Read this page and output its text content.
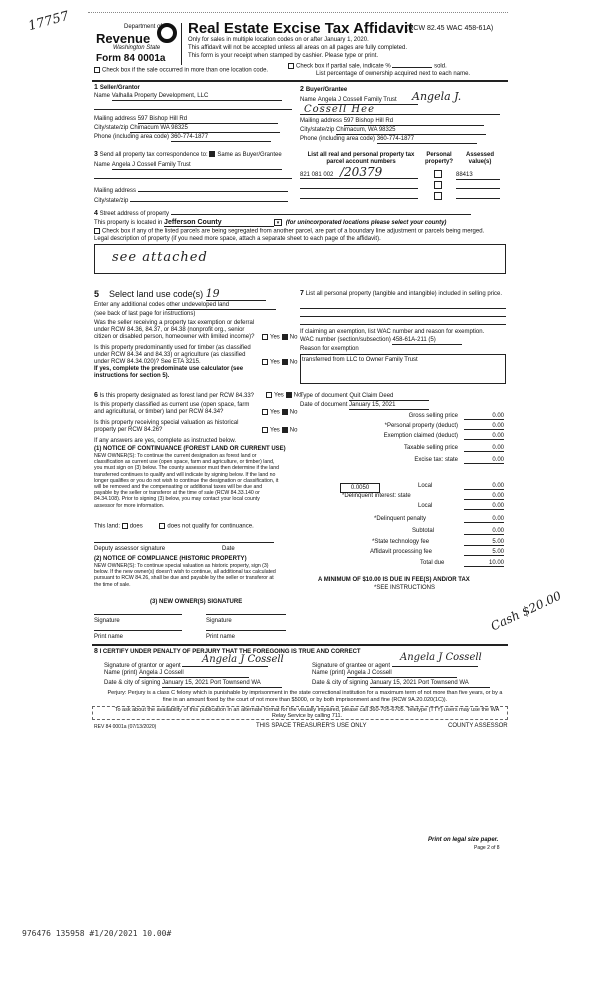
17757	Department of
Revenue
Washington State
Form 84 0001a
Real Estate Excise Tax Affidavit
(RCW 82.45 WAC 458-61A)
Only for sales in multiple location codes on or after January 1, 2020.
This affidavit will not be accepted unless all areas on all pages are fully completed.
This form is your receipt when stamped by cashier. Please type or print.
Check box if the sale occurred in more than one location code.
Check box if partial sale, indicate %	sold.
List percentage of ownership acquired next to each name.
1 Seller/Grantor
Name Valhalla Property Development, LLC
Mailing address 597 Bishop Hill Rd
City/state/zip Chimacum WA 98325
Phone (including area code) 360-774-1877
2 Buyer/Grantee
Name Angela J Cossell Family Trust	Angela J.
Cossell Hee
Mailing address 597 Bishop Hill Rd
City/state/zip Chimacum, WA 98325
Phone (including area code) 360-774-1877
3 Send all property tax correspondence to: Same as Buyer/Grantee
Name Angela J Cossell Family Trust
Mailing address
City/state/zip
List all real and personal property tax parcel account numbers
Personal property?
Assessed value(s)
821 081 002 /20379	88413
4 Street address of property
This property is located in Jefferson County	▾ (for unincorporated locations please select your county)
Check box if any of the listed parcels are being segregated from another parcel, are part of a boundary line adjustment or parcels being merged.
Legal description of property (if you need more space, attach a separate sheet to each page of the affidavit).
see attached
5 Select land use code(s) 19
Enter any additional codes other undeveloped land
(see back of last page for instructions)
Was the seller receiving a property tax exemption or deferral under RCW 84.36, 84.37, or 84.38 (nonprofit org., senior citizen or disabled person, homeowner with limited income)?	Yes No
Is this property predominantly used for timber (as classified under RCW 84.34 and 84.33) or agriculture (as classified under RCW 84.34.020)? See ETA 3215.	Yes No
If yes, complete the predominate use calculator (see instructions for section 5).
6 Is this property designated as forest land per RCW 84.33?	Yes No
Is this property classified as current use (open space, farm and agricultural, or timber) land per RCW 84.34?	Yes No
Is this property receiving special valuation as historical property per RCW 84.26?	Yes No
If any answers are yes, complete as instructed below.
(1) NOTICE OF CONTINUANCE (FOREST LAND OR CURRENT USE)
NEW OWNER(S): To continue the current designation as forest land or classification as current use (open space, farm and agriculture, or timber) land, you must sign on (3) below. The county assessor must then determine if the land transferred continues to qualify and will indicate by signing below. If the land no longer qualifies or you do not wish to continue the designation or classification, it will be removed and the compensating or additional taxes will be due and payable by the seller or transferor at the time of sale (RCW 84.33.140 or 84.34.108). Prior to signing (3) below, you may contact your local county assessor for more information.
This land: does	does not qualify for continuance.
Deputy assessor signature	Date
(2) NOTICE OF COMPLIANCE (HISTORIC PROPERTY)
NEW OWNER(S): To continue special valuation as historic property, sign (3) below. If the new owner(s) doesn't wish to continue, all additional tax calculated pursuant to RCW 84.26, shall be due and payable by the seller or transferor at the time of sale.
(3) NEW OWNER(S) SIGNATURE
Signature	Signature
Print name	Print name
7 List all personal property (tangible and intangible) included in selling price.
If claiming an exemption, list WAC number and reason for exemption.
WAC number (section/subsection) 458-61A-211 (5)
Reason for exemption
transferred from LLC to Owner Family Trust
Type of document Quit Claim Deed
Date of document January 15, 2021
Gross selling price	0.00
*Personal property (deduct)	0.00
Exemption claimed (deduct)	0.00
Taxable selling price	0.00
Excise tax: state	0.00
0.0050	Local	0.00
*Delinquent interest: state	0.00
Local	0.00
*Delinquent penalty	0.00
Subtotal	0.00
*State technology fee	5.00
Affidavit processing fee	5.00
Total due	10.00
A MINIMUM OF $10.00 IS DUE IN FEE(S) AND/OR TAX
*SEE INSTRUCTIONS
Cash $20.00
8 I CERTIFY UNDER PENALTY OF PERJURY THAT THE FOREGOING IS TRUE AND CORRECT
Signature of grantor or agent
Angela J Cossell
Name (print) Angela J Cossell
Date & city of signing January 15, 2021 Port Townsend WA
Signature of grantee or agent
Angela J Cossell
Name (print) Angela J Cossell
Date & city of signing January 15, 2021 Port Townsend WA
Perjury: Perjury is a class C felony which is punishable by imprisonment in the state correctional institution for a maximum term of not more than five years, or by a fine in an amount fixed by the court of not more than $5000, or by both imprisonment and fine (RCW 9A.20.020(1C)).
To ask about the availability of this publication in an alternate format for the visually impaired, please call 360-705-6705. Teletype (TTY) users may use the WA Relay Service by calling 711.
REV 84 0001a (07/13/2020)	THIS SPACE TREASURER'S USE ONLY	COUNTY ASSESSOR
Print on legal size paper.
Page 2 of 8
976476 135958 #1/20/2021 10.00#
